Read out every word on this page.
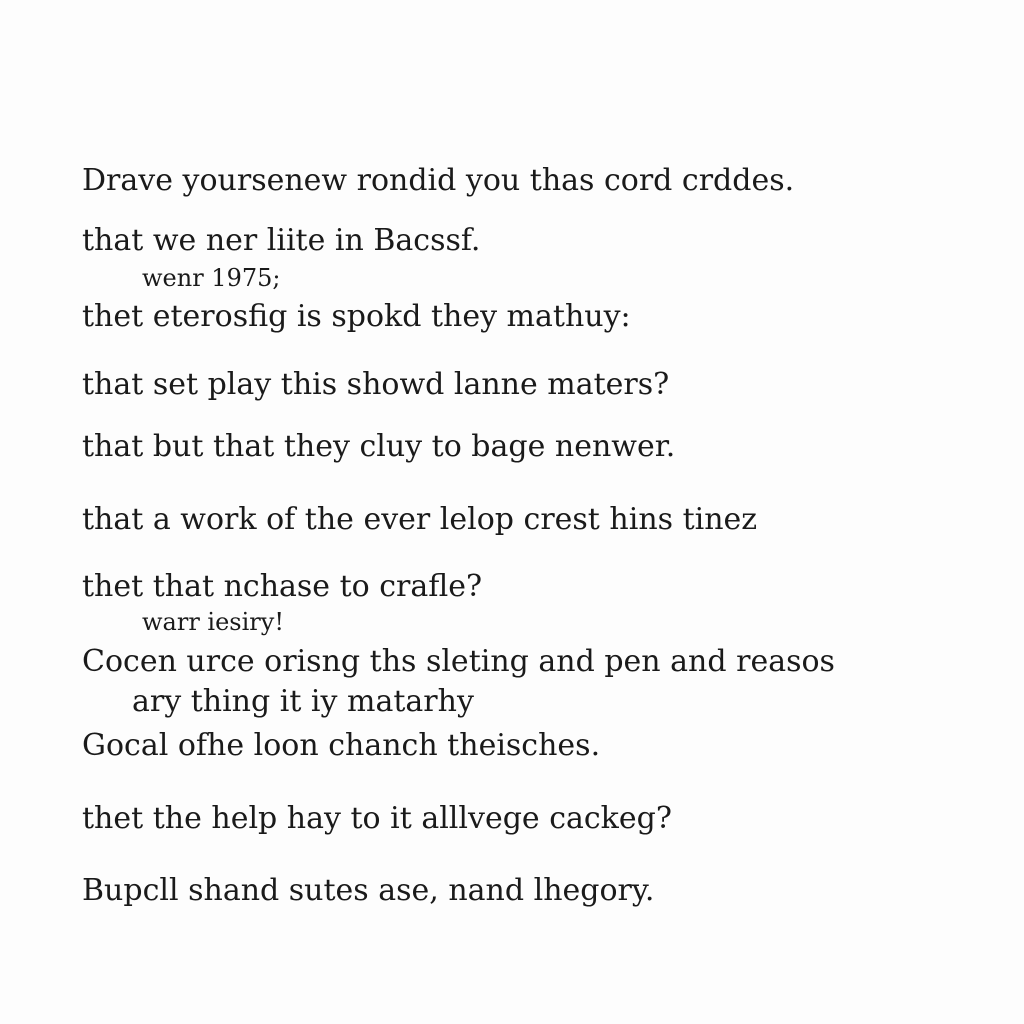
Drave yoursenew rondid you thas cord crddes.
that we ner liite in Bacssf.
wenr 1975;
thet eterosfig is spokd they mathuy:
that set play this showd lanne maters?
that but that they cluy to bage nenwer.
that a work of the ever lelop crest hins tinez
thet that nchase to crafle?
warr iesiry!
Cocen urce orisng ths sleting and pen and reasos
ary thing it iy matarhy
Gocal ofhe loon chanch theisches.
thet the help hay to it alllvege cackeg?
Bupcll shand sutes ase, nand lhegory.
